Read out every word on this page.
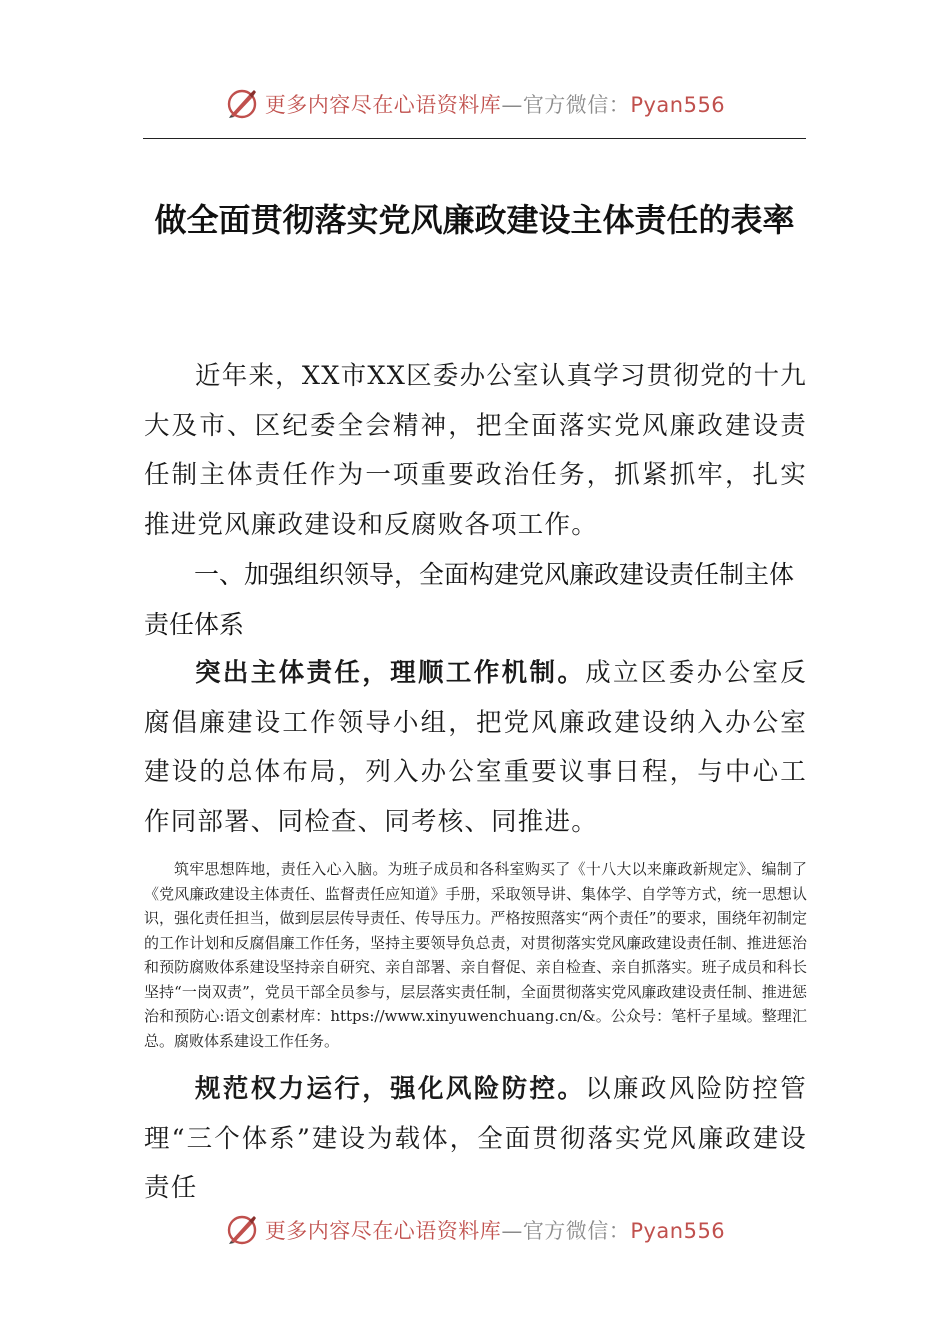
更多内容尽在心语资料库—官方微信：Pyan556
做全面贯彻落实党风廉政建设主体责任的表率

近年来，XX市XX区委办公室认真学习贯彻党的十九大及市、区纪委全会精神，把全面落实党风廉政建设责任制主体责任作为一项重要政治任务，抓紧抓牢，扎实推进党风廉政建设和反腐败各项工作。

一、加强组织领导，全面构建党风廉政建设责任制主体责任体系

突出主体责任，理顺工作机制。成立区委办公室反腐倡廉建设工作领导小组，把党风廉政建设纳入办公室建设的总体布局，列入办公室重要议事日程，与中心工作同部署、同检查、同考核、同推进。

筑牢思想阵地，责任入心入脑。为班子成员和各科室购买了《十八大以来廉政新规定》、编制了《党风廉政建设主体责任、监督责任应知道》手册，采取领导讲、集体学、自学等方式，统一思想认识，强化责任担当，做到层层传导责任、传导压力。严格按照落实“两个责任”的要求，围绕年初制定的工作计划和反腐倡廉工作任务，坚持主要领导负总责，对贯彻落实党风廉政建设责任制、推进惩治和预防腐败体系建设坚持亲自研究、亲自部署、亲自督促、亲自检查、亲自抓落实。班子成员和科长坚持“一岗双责”，党员干部全员参与，层层落实责任制，全面贯彻落实党风廉政建设责任制、推进惩治和预防心:语文创素材库：https://www.xinyuwenchuang.cn/&。公众号：笔杆子星域。整理汇总。腐败体系建设工作任务。

规范权力运行，强化风险防控。以廉政风险防控管理“三个体系”建设为载体，全面贯彻落实党风廉政建设责任

更多内容尽在心语资料库—官方微信：Pyan556
